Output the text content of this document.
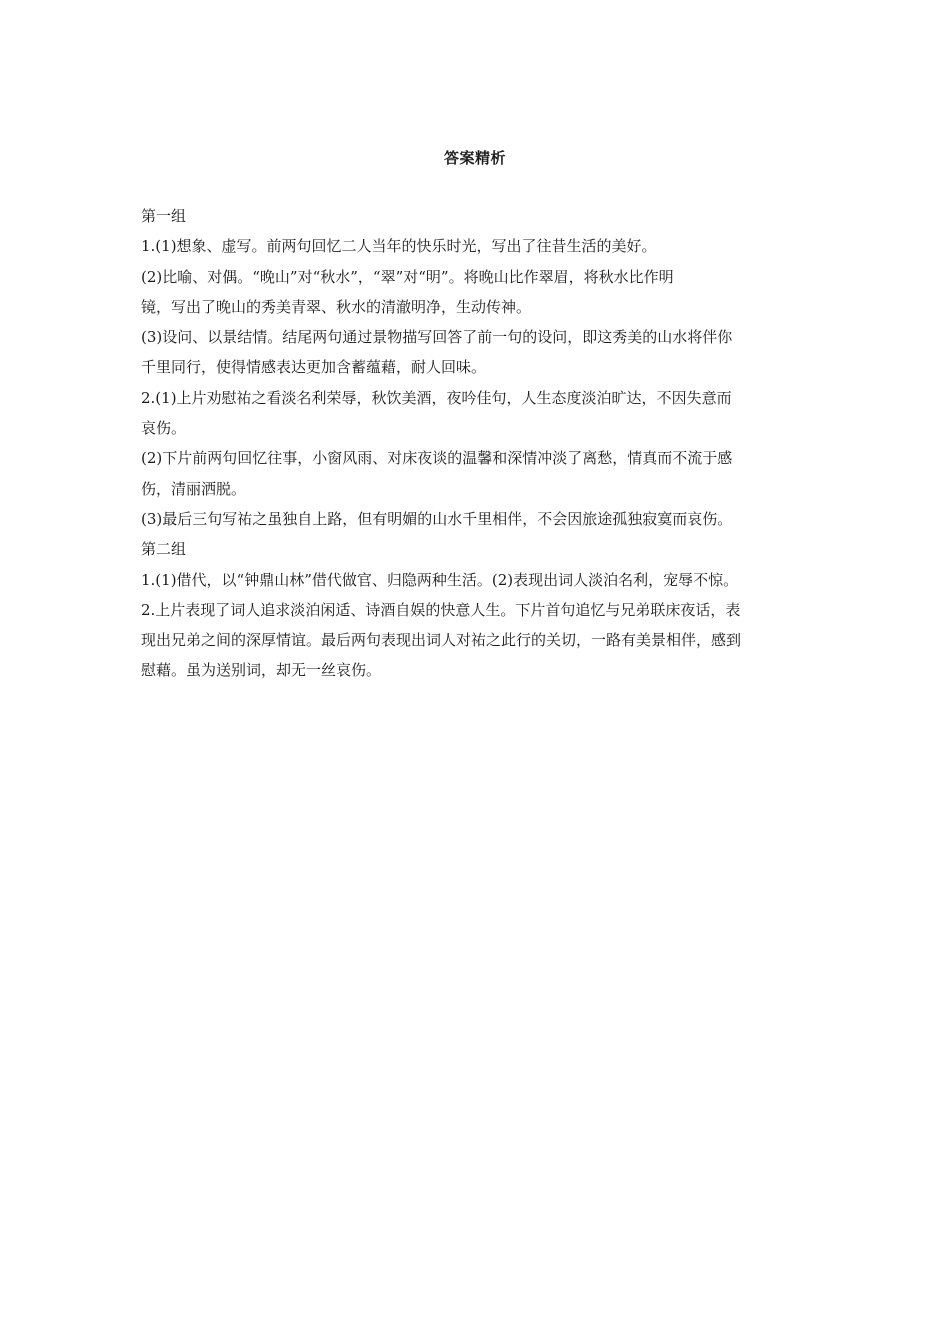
答案精析
第一组
1.(1)想象、虚写。前两句回忆二人当年的快乐时光，写出了往昔生活的美好。
(2)比喻、对偶。“晚山”对“秋水”，“翠”对“明”。将晚山比作翠眉，将秋水比作明
镜，写出了晚山的秀美青翠、秋水的清澈明净，生动传神。
(3)设问、以景结情。结尾两句通过景物描写回答了前一句的设问，即这秀美的山水将伴你
千里同行，使得情感表达更加含蓄蕴藉，耐人回味。
2.(1)上片劝慰祐之看淡名利荣辱，秋饮美酒，夜吟佳句，人生态度淡泊旷达，不因失意而
哀伤。
(2)下片前两句回忆往事，小窗风雨、对床夜谈的温馨和深情冲淡了离愁，情真而不流于感
伤，清丽洒脱。
(3)最后三句写祐之虽独自上路，但有明媚的山水千里相伴，不会因旅途孤独寂寞而哀伤。
第二组
1.(1)借代，以“钟鼎山林”借代做官、归隐两种生活。(2)表现出词人淡泊名利，宠辱不惊。
2.上片表现了词人追求淡泊闲适、诗酒自娱的快意人生。下片首句追忆与兄弟联床夜话，表
现出兄弟之间的深厚情谊。最后两句表现出词人对祐之此行的关切，一路有美景相伴，感到
慰藉。虽为送别词，却无一丝哀伤。
